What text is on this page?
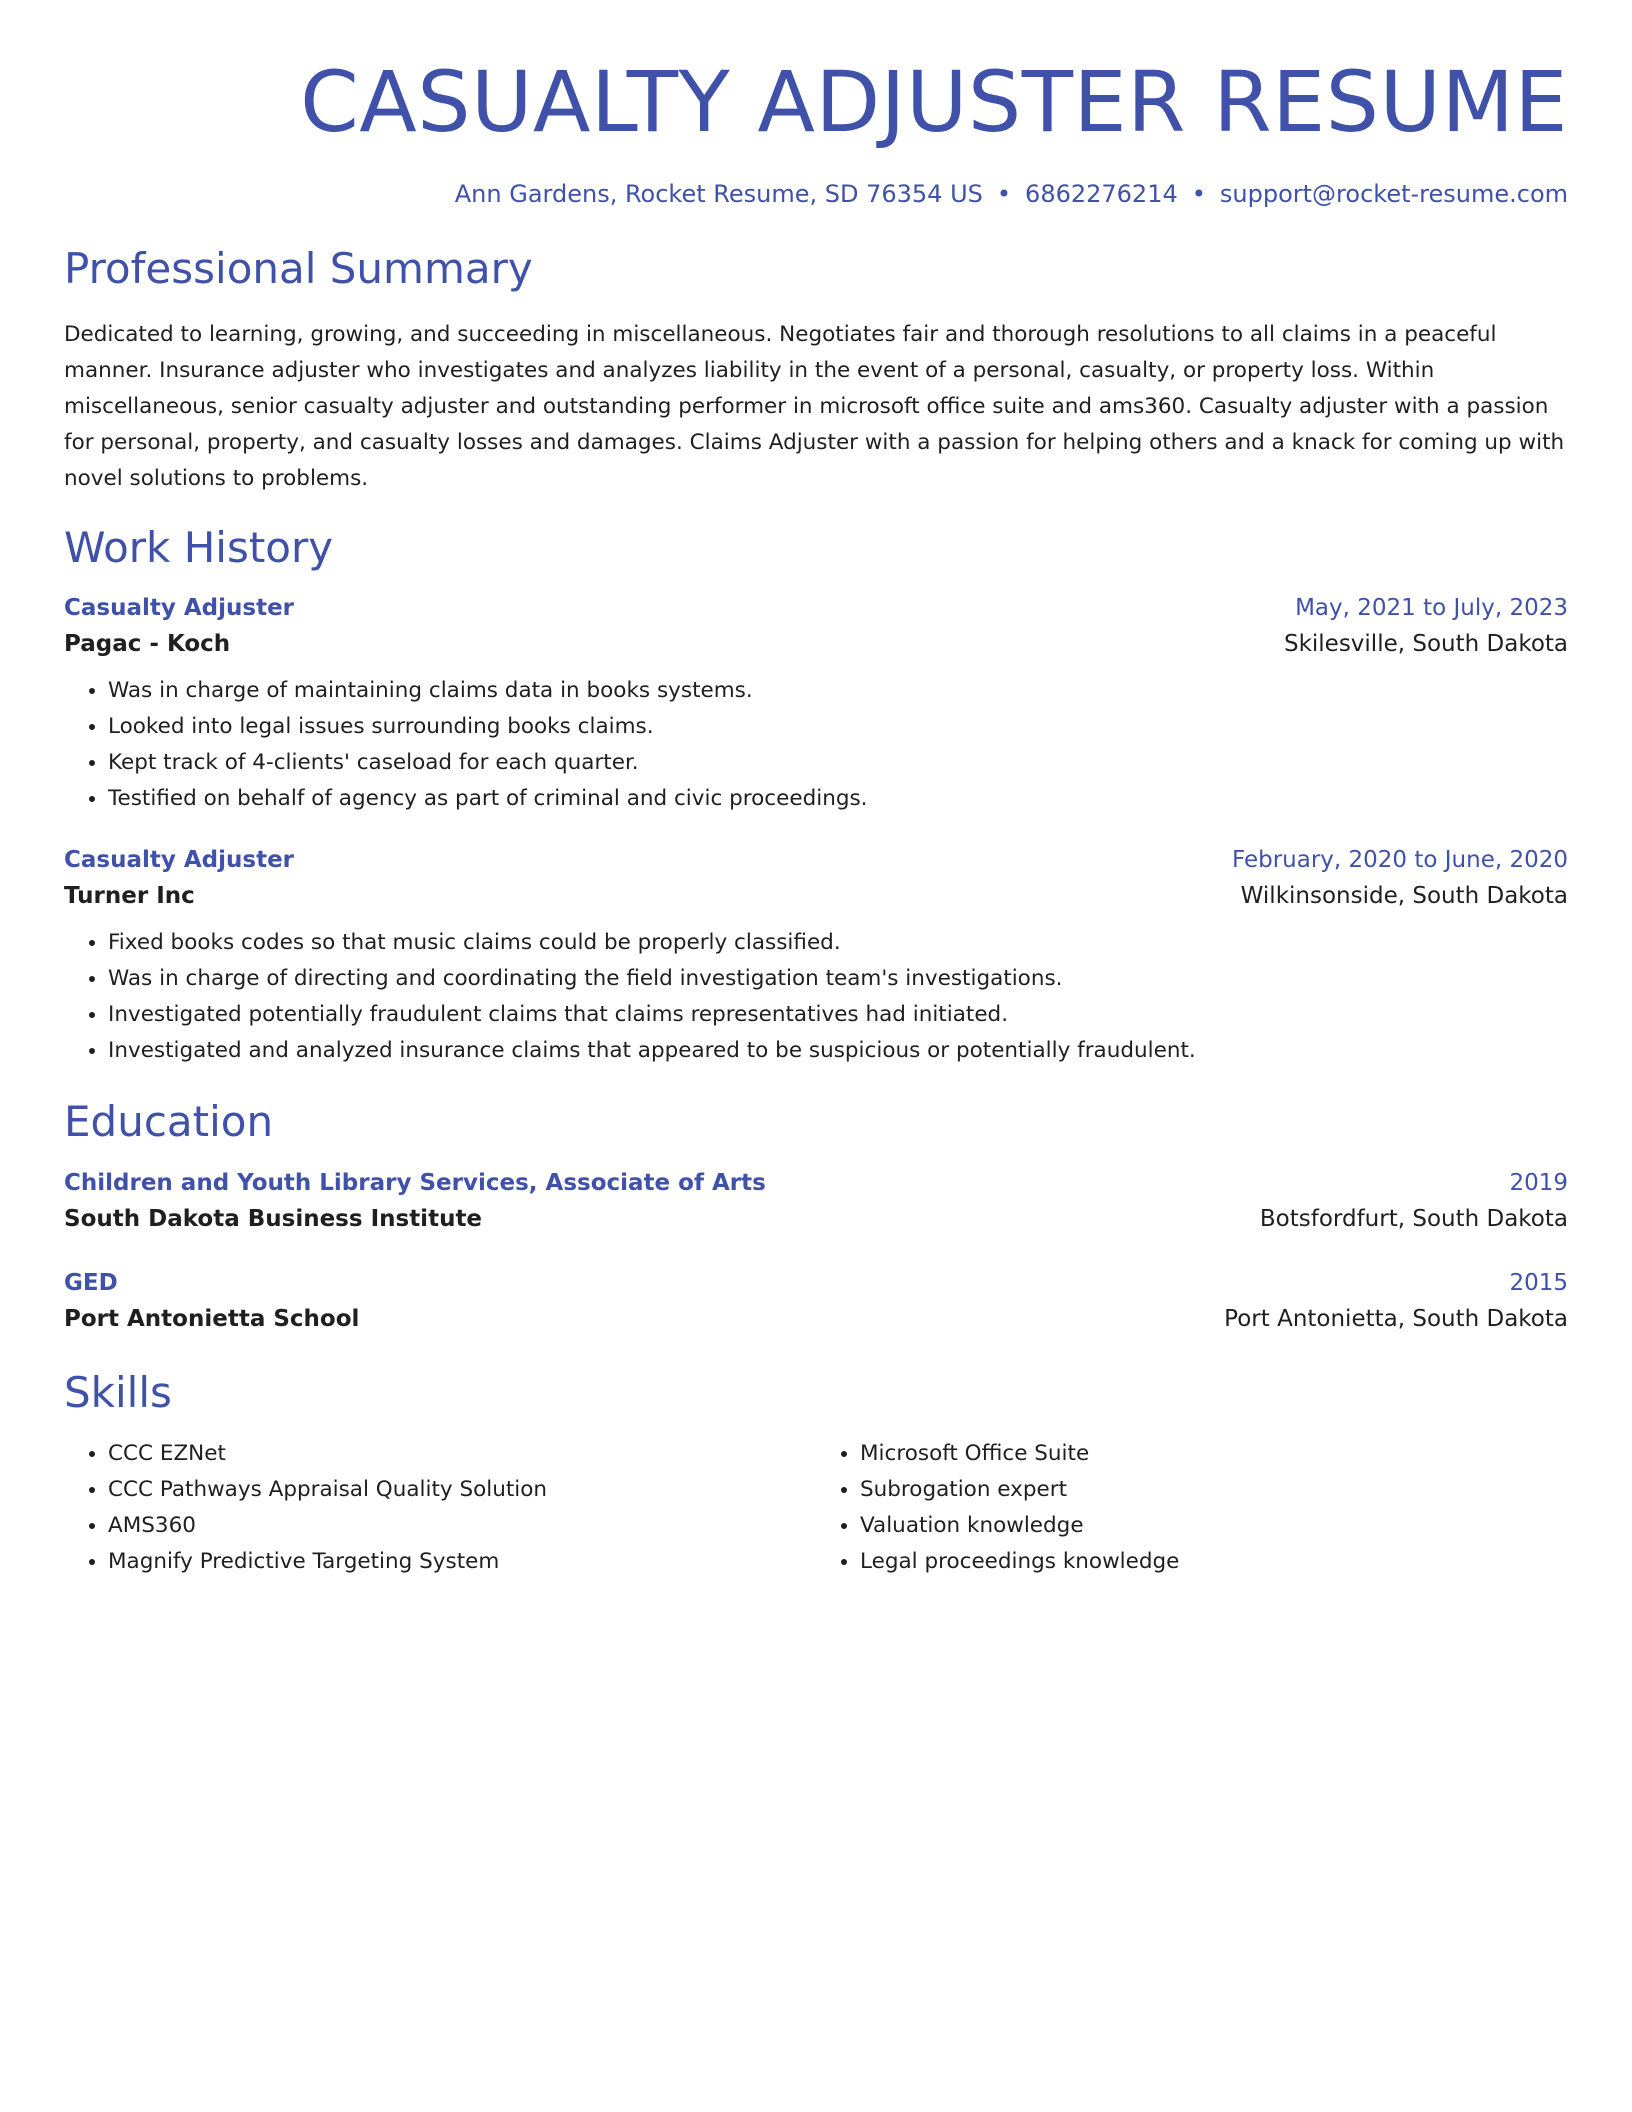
CASUALTY ADJUSTER RESUME
Ann Gardens, Rocket Resume, SD 76354 US • 6862276214 • support@rocket-resume.com
Professional Summary
Dedicated to learning, growing, and succeeding in miscellaneous. Negotiates fair and thorough resolutions to all claims in a peaceful manner. Insurance adjuster who investigates and analyzes liability in the event of a personal, casualty, or property loss. Within miscellaneous, senior casualty adjuster and outstanding performer in microsoft office suite and ams360. Casualty adjuster with a passion for personal, property, and casualty losses and damages. Claims Adjuster with a passion for helping others and a knack for coming up with novel solutions to problems.
Work History
Casualty Adjuster	May, 2021 to July, 2023
Pagac - Koch	Skilesville, South Dakota
• Was in charge of maintaining claims data in books systems.
• Looked into legal issues surrounding books claims.
• Kept track of 4-clients' caseload for each quarter.
• Testified on behalf of agency as part of criminal and civic proceedings.
Casualty Adjuster	February, 2020 to June, 2020
Turner Inc	Wilkinsonside, South Dakota
• Fixed books codes so that music claims could be properly classified.
• Was in charge of directing and coordinating the field investigation team's investigations.
• Investigated potentially fraudulent claims that claims representatives had initiated.
• Investigated and analyzed insurance claims that appeared to be suspicious or potentially fraudulent.
Education
Children and Youth Library Services, Associate of Arts	2019
South Dakota Business Institute	Botsfordfurt, South Dakota
GED	2015
Port Antonietta School	Port Antonietta, South Dakota
Skills
• CCC EZNet
• CCC Pathways Appraisal Quality Solution
• AMS360
• Magnify Predictive Targeting System
• Microsoft Office Suite
• Subrogation expert
• Valuation knowledge
• Legal proceedings knowledge
